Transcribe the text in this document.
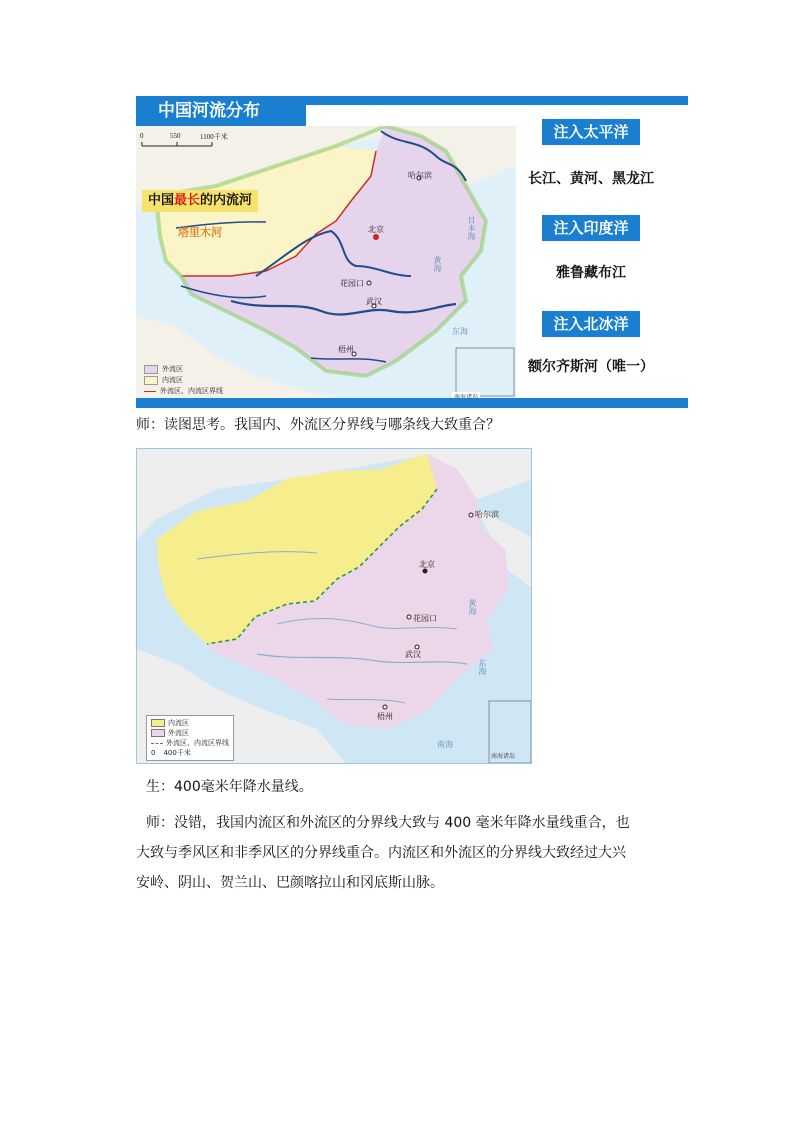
中国河流分布
0	550	1100千米
中国最长的内流河
塔里木河
哈尔滨
北京
花园口
武汉
梧州
日本海
黄海
东海
外流区
内流区
外流区、内流区界线
注入太平洋
长江、黄河、黑龙江
注入印度洋
雅鲁藏布江
注入北冰洋
额尔齐斯河（唯一）
师：读图思考。我国内、外流区分界线与哪条线大致重合？
哈尔滨
北京
花园口
武汉
梧州
黄海
东海
南海
内流区
外流区
外流区、内流区界线
0 400千米	南海诸岛
生：400毫米年降水量线。
师：没错，我国内流区和外流区的分界线大致与 400 毫米年降水量线重合，也
大致与季风区和非季风区的分界线重合。内流区和外流区的分界线大致经过大兴
安岭、阴山、贺兰山、巴颜喀拉山和冈底斯山脉。
